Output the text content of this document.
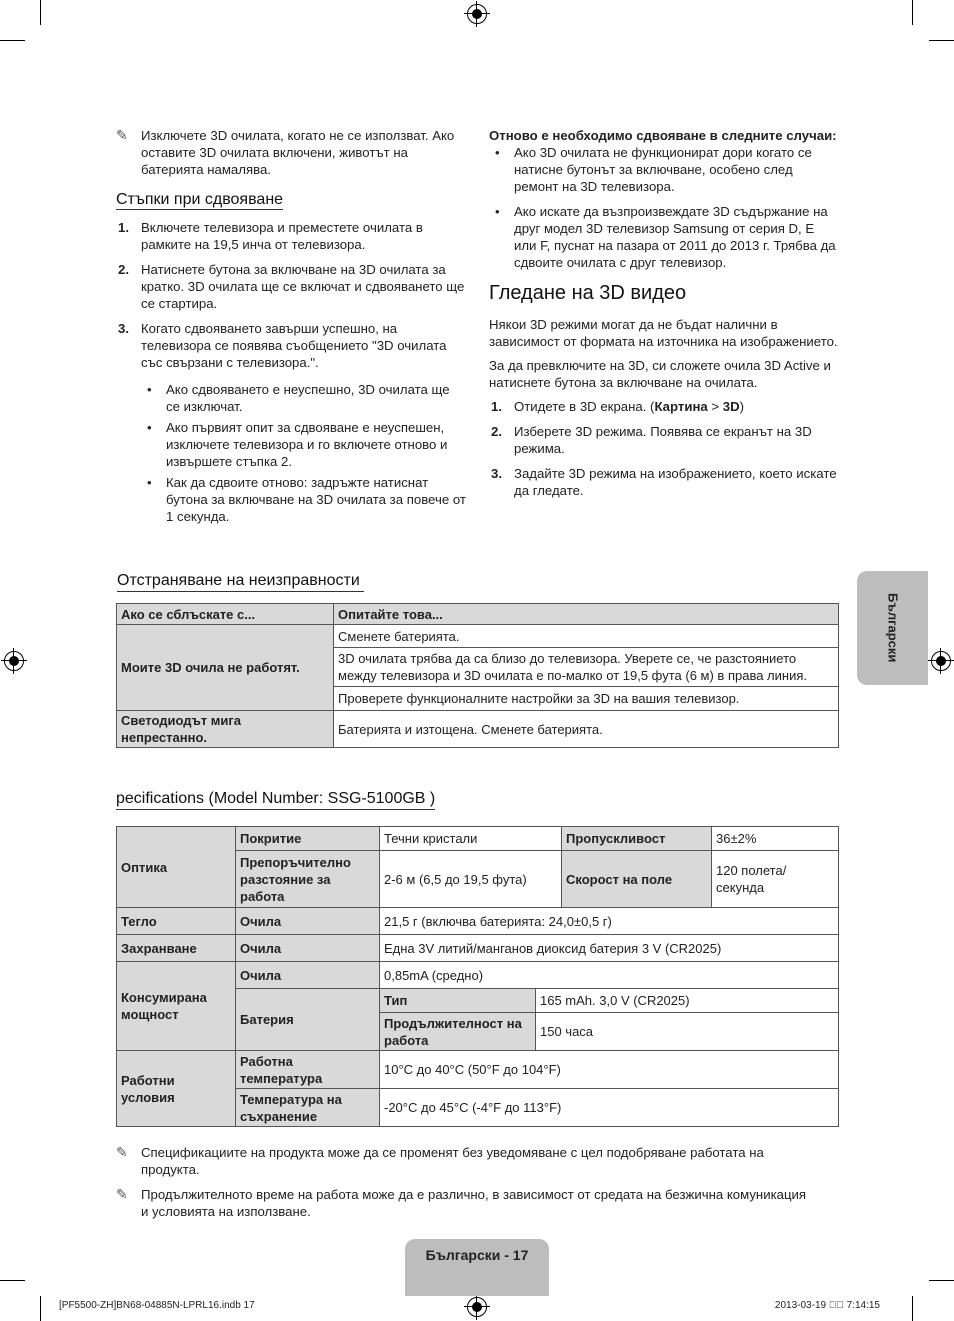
✎ Изключете 3D очилата, когато не се използват. Ако оставите 3D очилата включени, животът на батерията намалява.
Стъпки при сдвояване
1. Включете телевизора и преместете очилата в рамките на 19,5 инча от телевизора.
2. Натиснете бутона за включване на 3D очилата за кратко. 3D очилата ще се включат и сдвояването ще се стартира.
3. Когато сдвояването завърши успешно, на телевизора се появява съобщението "3D очилата със свързани с телевизора.".
• Ако сдвояването е неуспешно, 3D очилата ще се изключат.
• Ако първият опит за сдвояване е неуспешен, изключете телевизора и го включете отново и извършете стъпка 2.
• Как да сдвоите отново: задръжте натиснат бутона за включване на 3D очилата за повече от 1 секунда.

Отново е необходимо сдвояване в следните случаи:

• Ако 3D очилата не функционират дори когато се натисне бутонът за включване, особено след ремонт на 3D телевизора.
• Ако искате да възпроизвеждате 3D съдържание на друг модел 3D телевизор Samsung от серия D, E или F, пуснат на пазара от 2011 до 2013 г. Трябва да сдвоите очилата с друг телевизор.
Гледане на 3D видео

Някои 3D режими могат да не бъдат налични в зависимост от формата на източника на изображението.

За да превключите на 3D, си сложете очила 3D Active и натиснете бутона за включване на очилата.

1. Отидете в 3D екрана. (Картина > 3D)
2. Изберете 3D режима. Появява се екранът на 3D режима.
3. Задайте 3D режима на изображението, което искате да гледате.
Отстраняване на неизправности
Ако се сблъскате с...	Опитайте това...
Моите 3D очила не работят.	Сменете батерията.
	3D очилата трябва да са близо до телевизора. Уверете се, че разстоянието между телевизора и 3D очилата е по-малко от 19,5 фута (6 м) в права линия.
	Проверете функционалните настройки за 3D на вашия телевизор.
Светодиодът мига непрестанно.	Батерията и изтощена. Сменете батерията.
pecifications (Model Number: SSG-5100GB )
Оптика	Покритие	Течни кристали		Пропускливост	36±2%
	Препоръчително разстояние за работа	2-6 м (6,5 до 19,5 фута)		Скорост на поле	120 полета/ секунда
Тегло	Очила	21,5 г (включва батерията: 24,0±0,5 г)			
Захранване	Очила	Една 3V литий/манганов диоксид батерия 3 V (CR2025)			
Консумирана мощност	Очила	0,85mA (средно)			
	Батерия	Тип	165 mAh. 3,0 V (CR2025)		
		Продължителност на работа	150 часа		
Работни условия	Работна температура	10°C до 40°C (50°F до 104°F)			
	Температура на съхранение	-20°C до 45°C (-4°F до 113°F)			
✎ Спецификациите на продукта може да се променят без уведомяване с цел подобряване работата на продукта.
✎ Продължителното време на работа може да е различно, в зависимост от средата на безжична комуникация и условията на използване.
Български
Български - 17
[PF5500-ZH]BN68-04885N-LPRL16.indb 17	2013-03-19 ￿￿ 7:14:15
